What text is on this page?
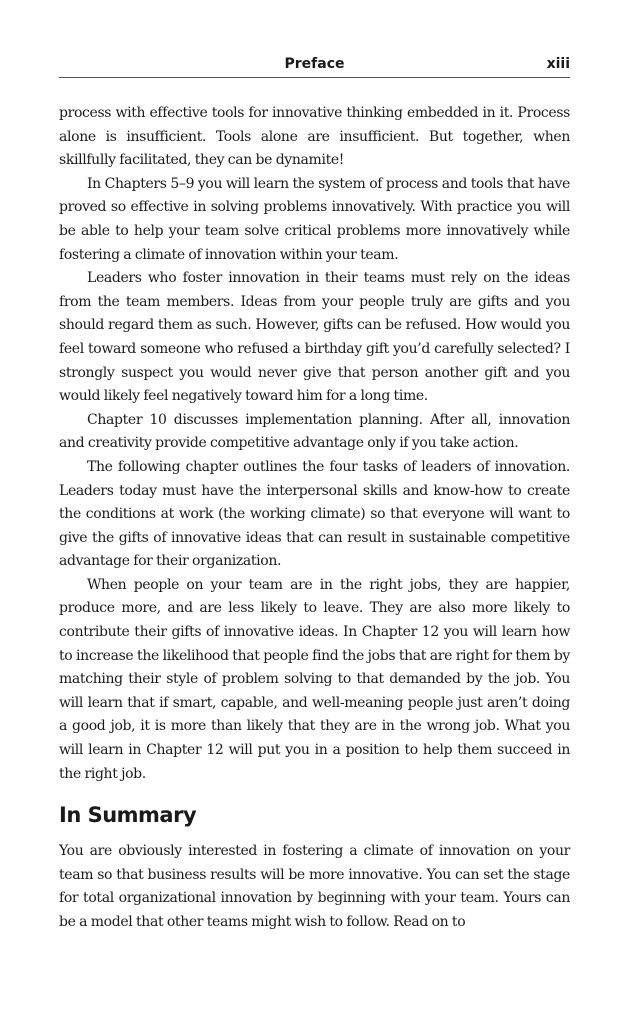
Preface	xiii

process with effective tools for innovative thinking embedded in it. Process alone is insufficient. Tools alone are insufficient. But together, when skillfully facilitated, they can be dynamite!

In Chapters 5–9 you will learn the system of process and tools that have proved so effective in solving problems innovatively. With practice you will be able to help your team solve critical problems more innovatively while fostering a climate of innovation within your team.

Leaders who foster innovation in their teams must rely on the ideas from the team members. Ideas from your people truly are gifts and you should regard them as such. However, gifts can be refused. How would you feel toward someone who refused a birthday gift you’d carefully selected? I strongly suspect you would never give that person another gift and you would likely feel negatively toward him for a long time.

Chapter 10 discusses implementation planning. After all, innovation and creativity provide competitive advantage only if you take action.

The following chapter outlines the four tasks of leaders of innovation. Leaders today must have the interpersonal skills and know-how to create the conditions at work (the working climate) so that everyone will want to give the gifts of innovative ideas that can result in sustainable competitive advantage for their organization.

When people on your team are in the right jobs, they are happier, produce more, and are less likely to leave. They are also more likely to contribute their gifts of innovative ideas. In Chapter 12 you will learn how to increase the likelihood that people find the jobs that are right for them by matching their style of problem solving to that demanded by the job. You will learn that if smart, capable, and well-meaning people just aren’t doing a good job, it is more than likely that they are in the wrong job. What you will learn in Chapter 12 will put you in a position to help them succeed in the right job.

In Summary

You are obviously interested in fostering a climate of innovation on your team so that business results will be more innovative. You can set the stage for total organizational innovation by beginning with your team. Yours can be a model that other teams might wish to follow. Read on to
